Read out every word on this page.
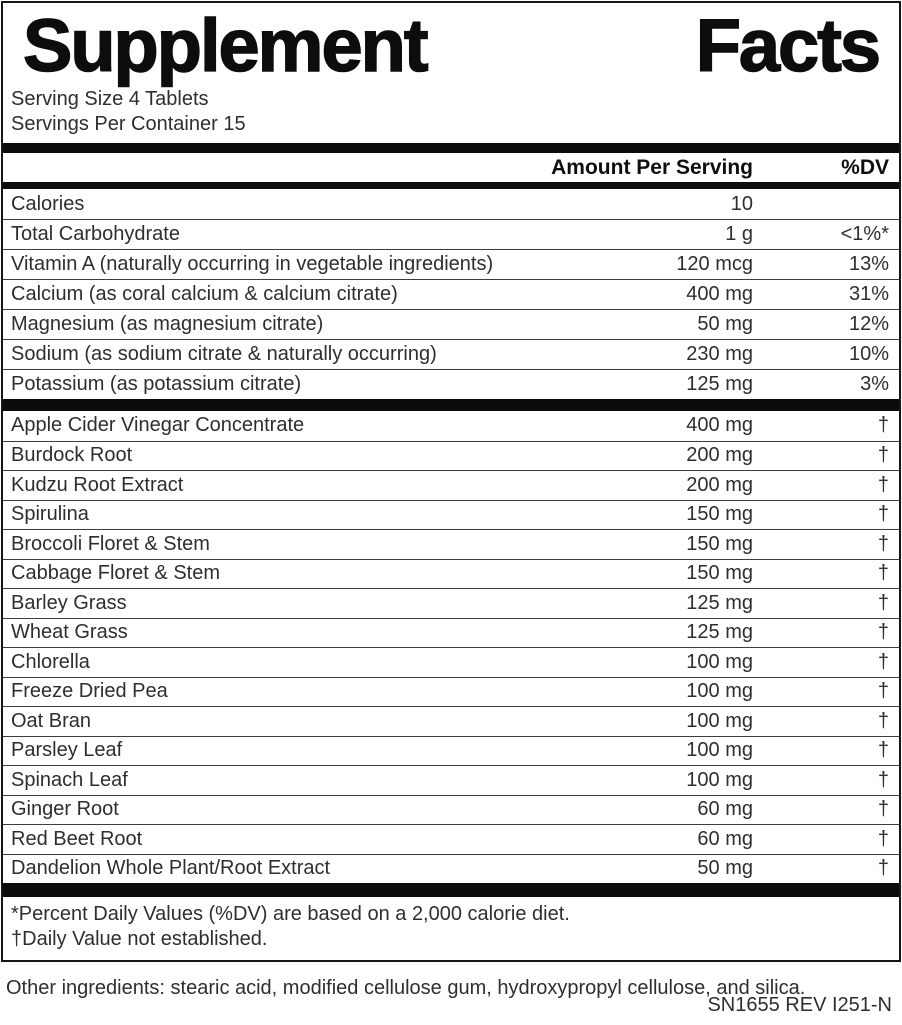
Supplement	Facts
Serving Size 4 Tablets
Servings Per Container 15
Amount Per Serving	%DV
Calories	10
Total Carbohydrate	1 g	<1%*
Vitamin A (naturally occurring in vegetable ingredients)	120 mcg	13%
Calcium (as coral calcium & calcium citrate)	400 mg	31%
Magnesium (as magnesium citrate)	50 mg	12%
Sodium (as sodium citrate & naturally occurring)	230 mg	10%
Potassium (as potassium citrate)	125 mg	3%
Apple Cider Vinegar Concentrate	400 mg	†
Burdock Root	200 mg	†
Kudzu Root Extract	200 mg	†
Spirulina	150 mg	†
Broccoli Floret & Stem	150 mg	†
Cabbage Floret & Stem	150 mg	†
Barley Grass	125 mg	†
Wheat Grass	125 mg	†
Chlorella	100 mg	†
Freeze Dried Pea	100 mg	†
Oat Bran	100 mg	†
Parsley Leaf	100 mg	†
Spinach Leaf	100 mg	†
Ginger Root	60 mg	†
Red Beet Root	60 mg	†
Dandelion Whole Plant/Root Extract	50 mg	†
*Percent Daily Values (%DV) are based on a 2,000 calorie diet.
†Daily Value not established.
Other ingredients: stearic acid, modified cellulose gum, hydroxypropyl cellulose, and silica.
SN1655 REV I251-N
